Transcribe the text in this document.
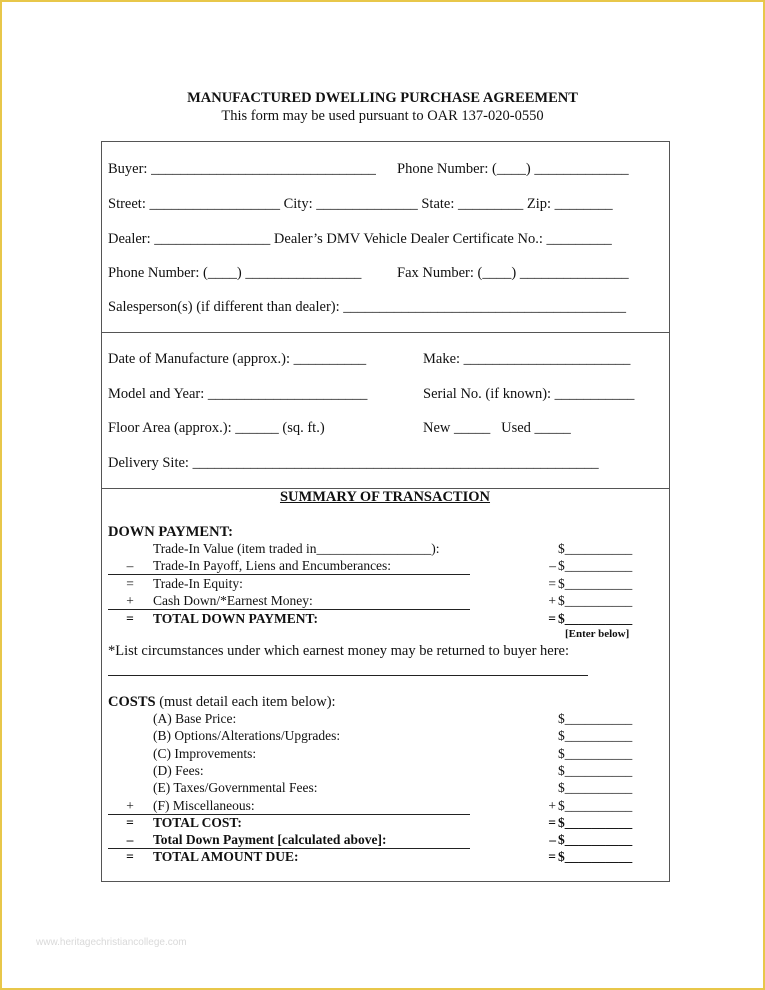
MANUFACTURED DWELLING PURCHASE AGREEMENT
This form may be used pursuant to OAR 137-020-0550
Buyer: _______________________________ Phone Number: (____) _____________
Street: __________________ City: ______________ State: _________ Zip: ________
Dealer: ________________ Dealer’s DMV Vehicle Dealer Certificate No.: _________
Phone Number: (____) ________________ Fax Number: (____) _______________
Salesperson(s) (if different than dealer): _______________________________________
Date of Manufacture (approx.): __________	Make: _______________________
Model and Year: ______________________	Serial No. (if known): ___________
Floor Area (approx.): ______ (sq. ft.)	New _____   Used _____
Delivery Site: ________________________________________________________
SUMMARY OF TRANSACTION
DOWN PAYMENT:
Trade-In Value (item traded in_________________):	$__________
–	Trade-In Payoff, Liens and Encumberances:	– $__________
=	Trade-In Equity:	= $__________
+	Cash Down/*Earnest Money:	+ $__________
=	TOTAL DOWN PAYMENT:	= $__________
[Enter below]
*List circumstances under which earnest money may be returned to buyer here:
COSTS (must detail each item below):
(A) Base Price:	$__________
(B) Options/Alterations/Upgrades:	$__________
(C) Improvements:	$__________
(D) Fees:	$__________
(E) Taxes/Governmental Fees:	$__________
+	(F) Miscellaneous:	+ $__________
=	TOTAL COST:	= $__________
–	Total Down Payment [calculated above]:	– $__________
=	TOTAL AMOUNT DUE:	= $__________
www.heritagechristiancollege.com
